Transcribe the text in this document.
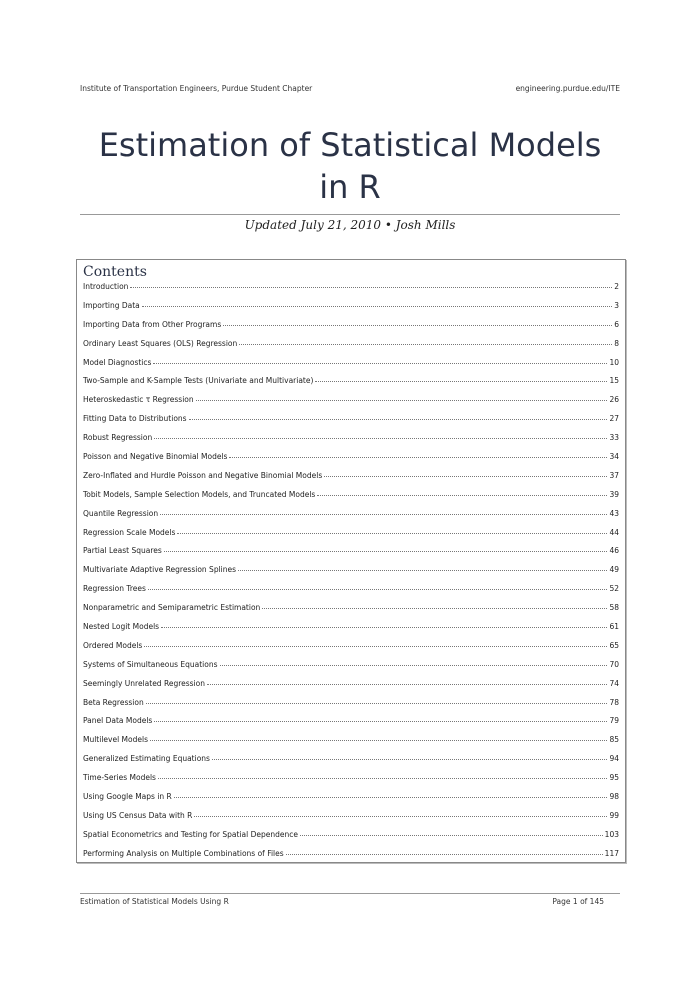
Institute of Transportation Engineers, Purdue Student Chapter	engineering.purdue.edu/ITE
Estimation of Statistical Models
in R
Updated July 21, 2010 • Josh Mills
Contents
Introduction	2
Importing Data	3
Importing Data from Other Programs	6
Ordinary Least Squares (OLS) Regression	8
Model Diagnostics	10
Two-Sample and K-Sample Tests (Univariate and Multivariate)	15
Heteroskedastic τ Regression	26
Fitting Data to Distributions	27
Robust Regression	33
Poisson and Negative Binomial Models	34
Zero-Inflated and Hurdle Poisson and Negative Binomial Models	37
Tobit Models, Sample Selection Models, and Truncated Models	39
Quantile Regression	43
Regression Scale Models	44
Partial Least Squares	46
Multivariate Adaptive Regression Splines	49
Regression Trees	52
Nonparametric and Semiparametric Estimation	58
Nested Logit Models	61
Ordered Models	65
Systems of Simultaneous Equations	70
Seemingly Unrelated Regression	74
Beta Regression	78
Panel Data Models	79
Multilevel Models	85
Generalized Estimating Equations	94
Time-Series Models	95
Using Google Maps in R	98
Using US Census Data with R	99
Spatial Econometrics and Testing for Spatial Dependence	103
Performing Analysis on Multiple Combinations of Files	117
Estimation of Statistical Models Using R	Page 1 of 145
